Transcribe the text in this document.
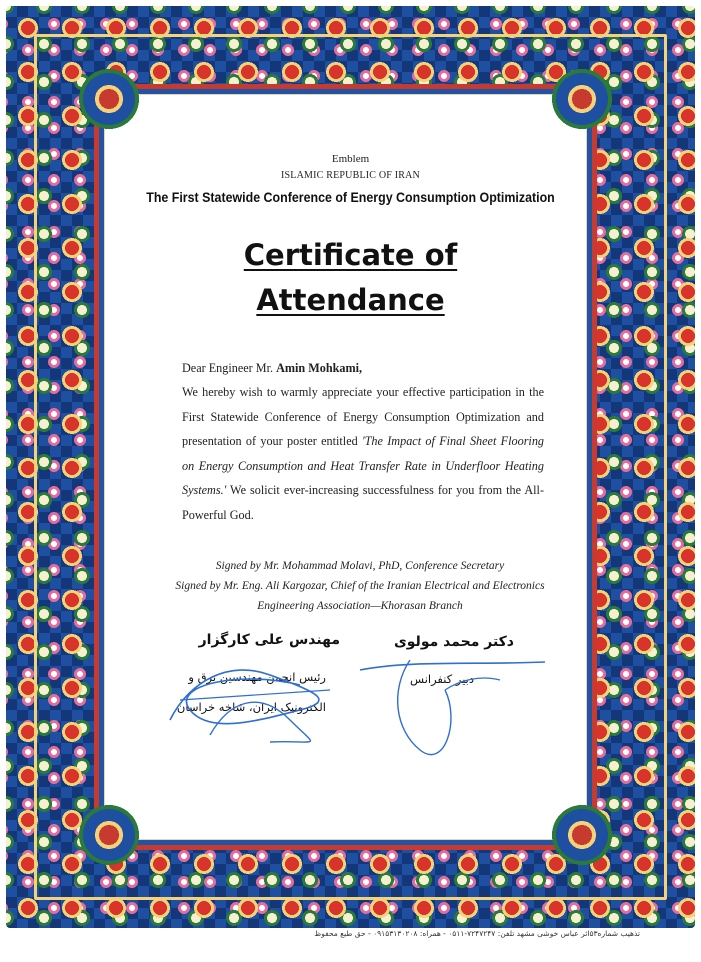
Emblem
ISLAMIC REPUBLIC OF IRAN
The First Statewide Conference of Energy Consumption Optimization
Certificate of
Attendance
Dear Engineer Mr. Amin Mohkami,
We hereby wish to warmly appreciate your effective participation in the First Statewide Conference of Energy Consumption Optimization and presentation of your poster entitled 'The Impact of Final Sheet Flooring on Energy Consumption and Heat Transfer Rate in Underfloor Heating Systems.' We solicit ever-increasing successfulness for you from the All-Powerful God.
Signed by Mr. Mohammad Molavi, PhD, Conference Secretary
Signed by Mr. Eng. Ali Kargozar, Chief of the Iranian Electrical and Electronics Engineering Association—Khorasan Branch
مهندس علی کارگزار
رئیس انجمن مهندسین برق و
الکترونیک ایران، شاخه خراسان
دکتر محمد مولوی
دبیر کنفرانس
تذهیب شماره۵۳اثر عباس خوشی مشهد تلفن: ۷۲۴۷۲۴۷-۰۵۱۱ - همراه: ۰۹۱۵۳۱۳۰۲۰۸ - حق طبع محفوظ
